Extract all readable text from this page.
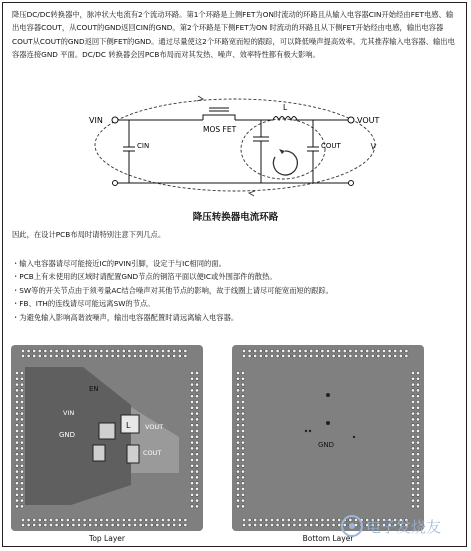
降压DC/DC转换器中，脉冲状大电流有2个流动环路。第1个环路是上侧FET为ON时流动的环路且从输入电容器CIN开始经由FET电感、输出电容器COUT，从COUT的GND返回CIN的GND。第2个环路是下侧FET为ON 时流动的环路且从下侧FET开始经由电感，输出电容器COUT从COUT的GND返回下侧FET的GND。通过尽量使这2个环路宽而短的跟踪，可以降低噪声提高效率。尤其推荐输入电容器、输出电容器连接GND 平面。DC/DC 转换器会因PCB布局而对其发热、噪声、效率特性都有极大影响。

VIN	VOUT
CIN	COUT
MOS FET
L

降压转换器电流环路

因此，在设计PCB布局时请特别注意下列几点。

・输入电容器请尽可能接近IC的PVIN引脚，设定于与IC相同的面。
・PCB上有未使用的区域时请配置GND节点的铜箔平面以便IC或外围部件的散热。
・SW等的开关节点由于须考量AC结合噪声对其他节点的影响，故于线圈上请尽可能宽而短的跟踪。
・FB、ITH的连线请尽可能远离SW的节点。
・为避免输入影响高谐波噪声，输出电容器配置时请远离输入电容器。
EN
VIN
GND
VOUT
COUT
L
GND

Top Layer	Bottom Layer

电子发烧友
